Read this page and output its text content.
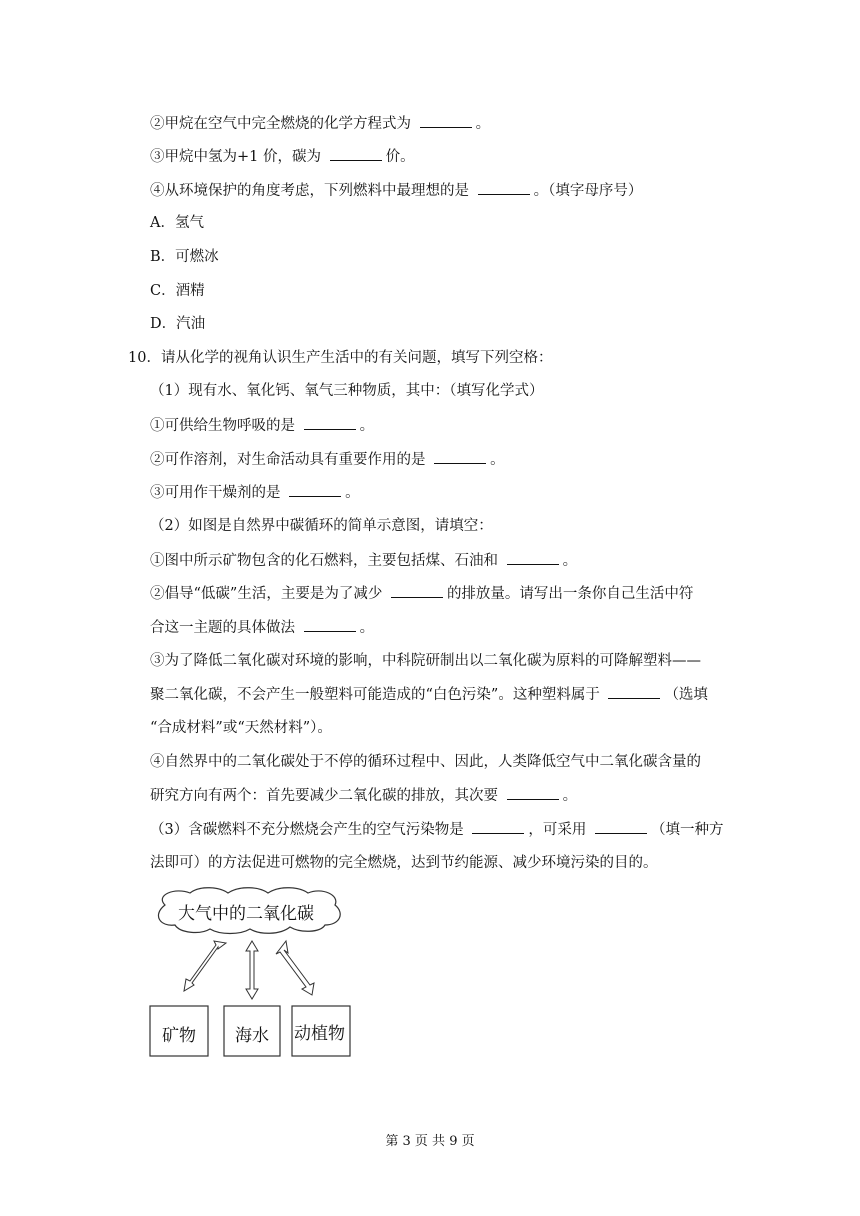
②甲烷在空气中完全燃烧的化学方程式为	。
③甲烷中氢为+1 价，碳为	价。
④从环境保护的角度考虑，下列燃料中最理想的是	。（填字母序号）
A．氢气
B．可燃冰
C．酒精
D．汽油
10．请从化学的视角认识生产生活中的有关问题，填写下列空格：
（1）现有水、氧化钙、氧气三种物质，其中：（填写化学式）
①可供给生物呼吸的是	。
②可作溶剂，对生命活动具有重要作用的是	。
③可用作干燥剂的是	。
（2）如图是自然界中碳循环的简单示意图，请填空：
①图中所示矿物包含的化石燃料，主要包括煤、石油和	。
②倡导“低碳”生活，主要是为了减少	的排放量。请写出一条你自己生活中符
合这一主题的具体做法	。
③为了降低二氧化碳对环境的影响，中科院研制出以二氧化碳为原料的可降解塑料——
聚二氧化碳，不会产生一般塑料可能造成的“白色污染”。这种塑料属于	（选填
“合成材料”或“天然材料”）。
④自然界中的二氧化碳处于不停的循环过程中、因此，人类降低空气中二氧化碳含量的
研究方向有两个：首先要减少二氧化碳的排放，其次要	。
（3）含碳燃料不充分燃烧会产生的空气污染物是	，可采用	（填一种方
法即可）的方法促进可燃物的完全燃烧，达到节约能源、减少环境污染的目的。
大气中的二氧化碳
矿物 海水 动植物
第 3 页 共 9 页
